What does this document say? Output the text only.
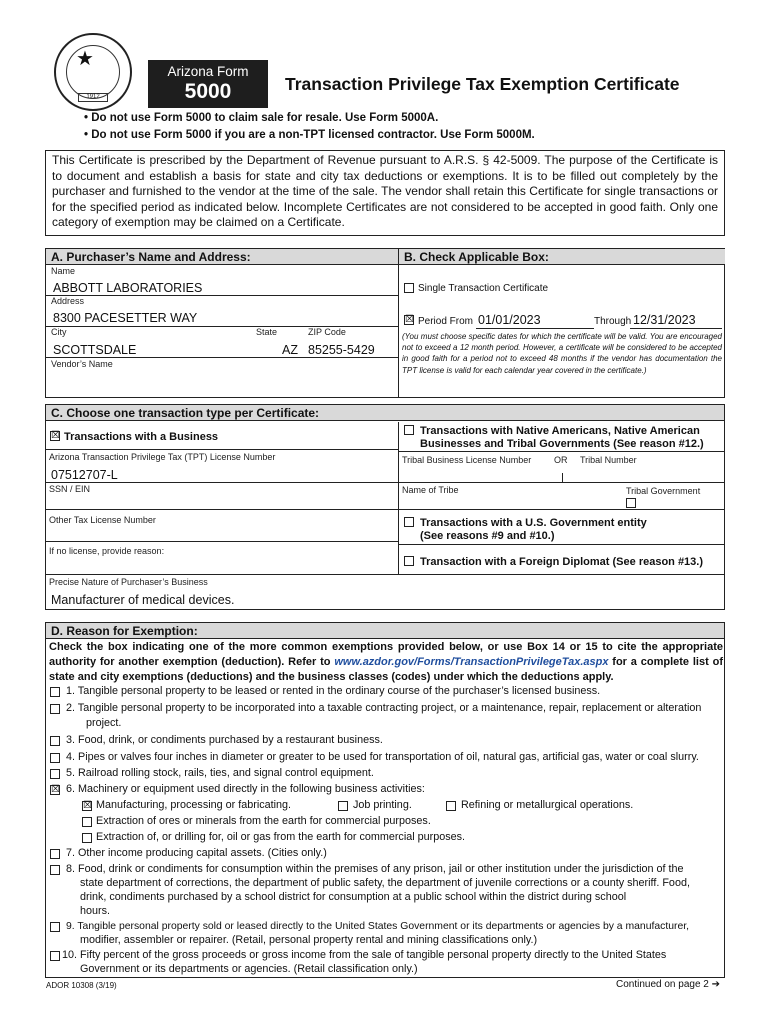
★
1912
Arizona Form
5000	Transaction Privilege Tax Exemption Certificate
• Do not use Form 5000 to claim sale for resale. Use Form 5000A.
• Do not use Form 5000 if you are a non-TPT licensed contractor. Use Form 5000M.
This Certificate is prescribed by the Department of Revenue pursuant to A.R.S. § 42-5009. The purpose of the Certificate is to document and establish a basis for state and city tax deductions or exemptions. It is to be filled out completely by the purchaser and furnished to the vendor at the time of the sale. The vendor shall retain this Certificate for single transactions or for the specified period as indicated below. Incomplete Certificates are not considered to be accepted in good faith. Only one category of exemption may be claimed on a Certificate.
A. Purchaser’s Name and Address:	B. Check Applicable Box:
Name
ABBOTT LABORATORIES
Address
8300 PACESETTER WAY
City	State	ZIP Code
SCOTTSDALE	AZ 85255-5429
Vendor’s Name
Single Transaction Certificate
☒ Period From 01/01/2023	Through 12/31/2023
(You must choose specific dates for which the certificate will be valid. You are encouraged not to exceed a 12 month period. However, a certificate will be considered to be accepted in good faith for a period not to exceed 48 months if the vendor has documentation the TPT license is valid for each calendar year covered in the certificate.)
C. Choose one transaction type per Certificate:
☒ Transactions with a Business
Arizona Transaction Privilege Tax (TPT) License Number
07512707-L
SSN / EIN
Other Tax License Number
If no license, provide reason:
Precise Nature of Purchaser’s Business
Manufacturer of medical devices.
Transactions with Native Americans, Native American
Businesses and Tribal Governments (See reason #12.)
Tribal Business License Number	OR Tribal Number
Name of Tribe	Tribal Government
Transactions with a U.S. Government entity
(See reasons #9 and #10.)
Transaction with a Foreign Diplomat (See reason #13.)
D. Reason for Exemption:
Check the box indicating one of the more common exemptions provided below, or use Box 14 or 15 to cite the appropriate authority for another exemption (deduction). Refer to www.azdor.gov/Forms/TransactionPrivilegeTax.aspx for a complete list of state and city exemptions (deductions) and the business classes (codes) under which the deductions apply.
1. Tangible personal property to be leased or rented in the ordinary course of the purchaser’s licensed business.
2. Tangible personal property to be incorporated into a taxable contracting project, or a maintenance, repair, replacement or alteration
project.
3. Food, drink, or condiments purchased by a restaurant business.
4. Pipes or valves four inches in diameter or greater to be used for transportation of oil, natural gas, artificial gas, water or coal slurry.
5. Railroad rolling stock, rails, ties, and signal control equipment.
☒ 6. Machinery or equipment used directly in the following business activities:
☒ Manufacturing, processing or fabricating.	Job printing.	Refining or metallurgical operations.
Extraction of ores or minerals from the earth for commercial purposes.
Extraction of, or drilling for, oil or gas from the earth for commercial purposes.
7. Other income producing capital assets. (Cities only.)
8. Food, drink or condiments for consumption within the premises of any prison, jail or other institution under the jurisdiction of the
state department of corrections, the department of public safety, the department of juvenile corrections or a county sheriff. Food,
drink, condiments purchased by a school district for consumption at a public school within the district during school
hours.
9. Tangible personal property sold or leased directly to the United States Government or its departments or agencies by a manufacturer,
modifier, assembler or repairer. (Retail, personal property rental and mining classifications only.)
10. Fifty percent of the gross proceeds or gross income from the sale of tangible personal property directly to the United States
Government or its departments or agencies. (Retail classification only.)
ADOR 10308 (3/19)	Continued on page 2 ➔
